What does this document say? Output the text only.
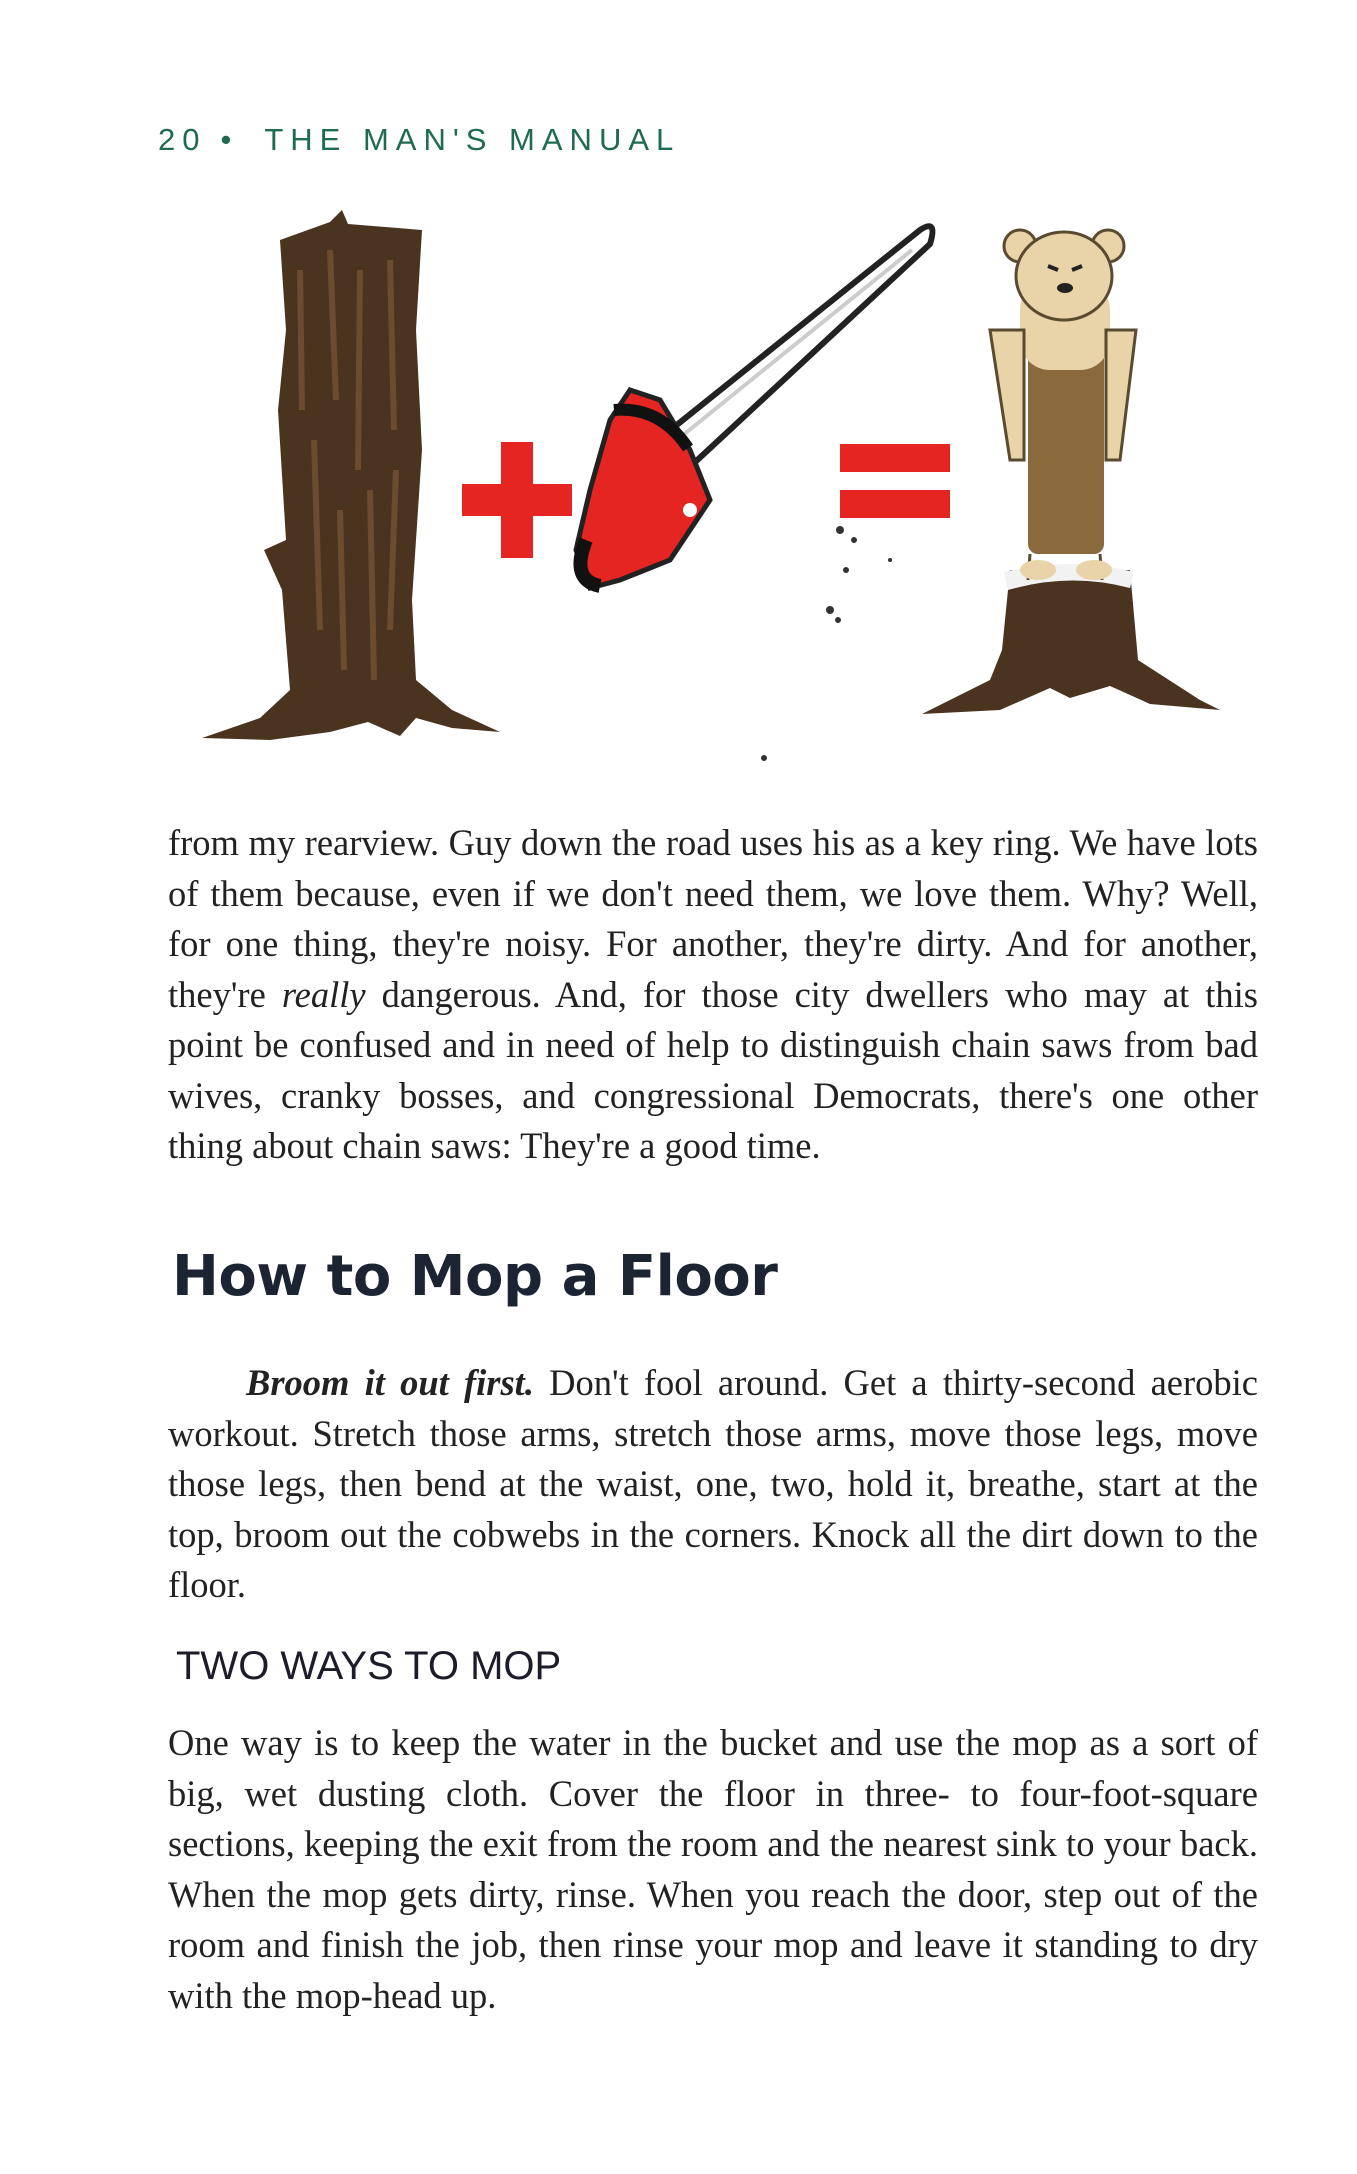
20 • THE MAN'S MANUAL

from my rearview. Guy down the road uses his as a key ring. We have lots of them because, even if we don't need them, we love them. Why? Well, for one thing, they're noisy. For another, they're dirty. And for another, they're really dangerous. And, for those city dwellers who may at this point be confused and in need of help to distinguish chain saws from bad wives, cranky bosses, and congressional Democrats, there's one other thing about chain saws: They're a good time.

How to Mop a Floor

Broom it out first. Don't fool around. Get a thirty-second aerobic workout. Stretch those arms, stretch those arms, move those legs, move those legs, then bend at the waist, one, two, hold it, breathe, start at the top, broom out the cobwebs in the corners. Knock all the dirt down to the floor.

TWO WAYS TO MOP

One way is to keep the water in the bucket and use the mop as a sort of big, wet dusting cloth. Cover the floor in three- to four-foot-square sections, keeping the exit from the room and the nearest sink to your back. When the mop gets dirty, rinse. When you reach the door, step out of the room and finish the job, then rinse your mop and leave it standing to dry with the mop-head up.
